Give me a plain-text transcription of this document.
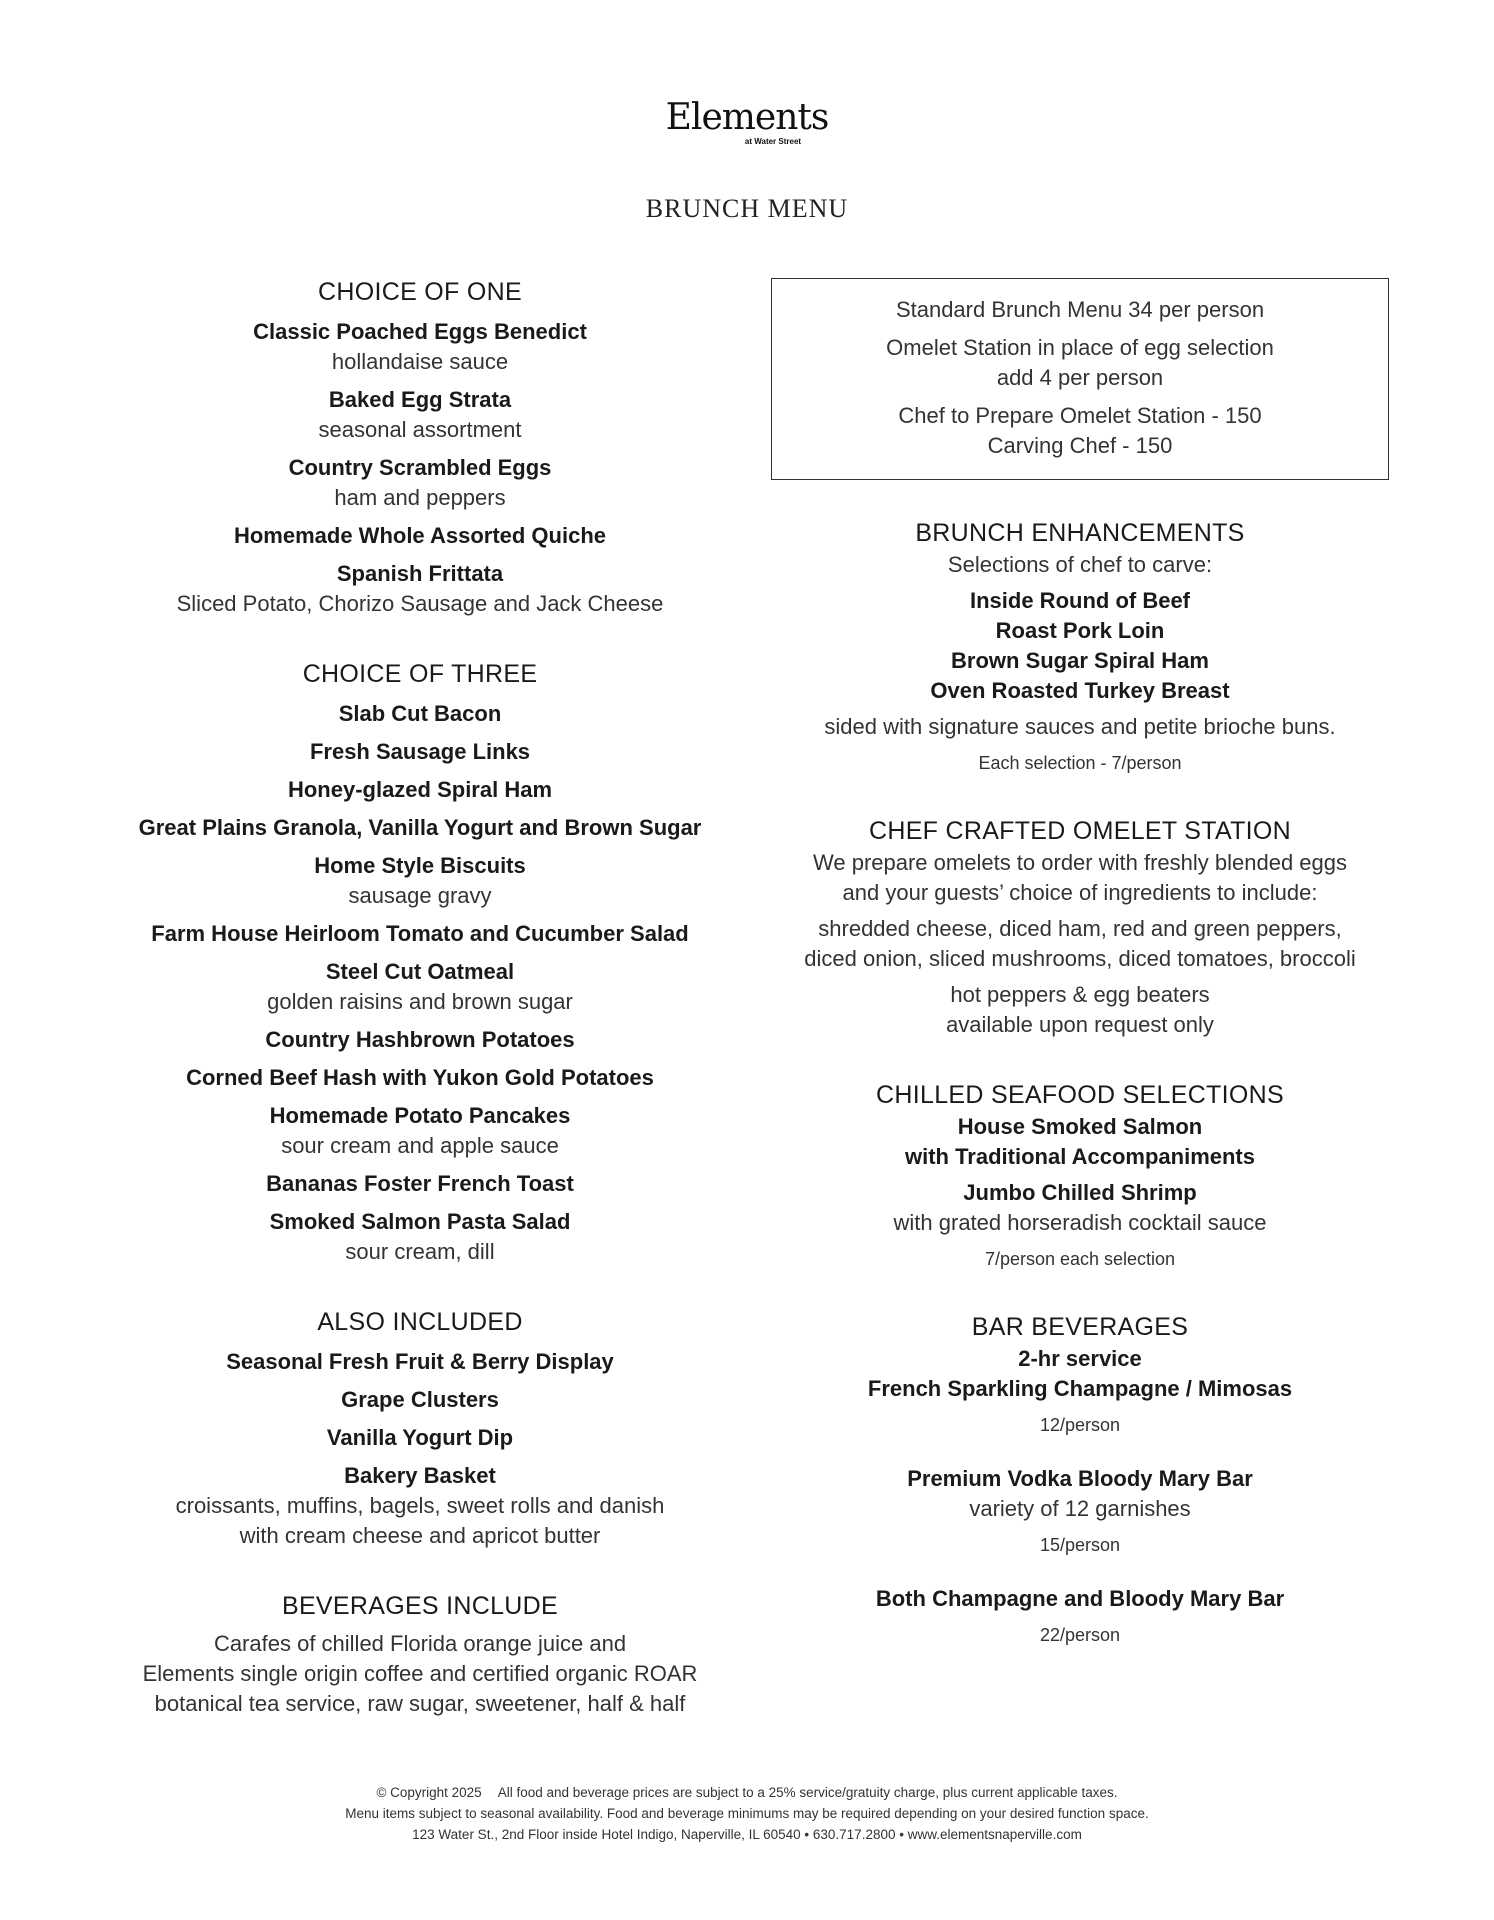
Elements
at Water Street
BRUNCH MENU
CHOICE OF ONE
Classic Poached Eggs Benedict
hollandaise sauce
Baked Egg Strata
seasonal assortment
Country Scrambled Eggs
ham and peppers
Homemade Whole Assorted Quiche
Spanish Frittata
Sliced Potato, Chorizo Sausage and Jack Cheese
CHOICE OF THREE
Slab Cut Bacon
Fresh Sausage Links
Honey-glazed Spiral Ham
Great Plains Granola, Vanilla Yogurt and Brown Sugar
Home Style Biscuits
sausage gravy
Farm House Heirloom Tomato and Cucumber Salad
Steel Cut Oatmeal
golden raisins and brown sugar
Country Hashbrown Potatoes
Corned Beef Hash with Yukon Gold Potatoes
Homemade Potato Pancakes
sour cream and apple sauce
Bananas Foster French Toast
Smoked Salmon Pasta Salad
sour cream, dill
ALSO INCLUDED
Seasonal Fresh Fruit & Berry Display
Grape Clusters
Vanilla Yogurt Dip
Bakery Basket
croissants, muffins, bagels, sweet rolls and danish
with cream cheese and apricot butter
BEVERAGES INCLUDE
Carafes of chilled Florida orange juice and
Elements single origin coffee and certified organic ROAR
botanical tea service, raw sugar, sweetener, half & half
Standard Brunch Menu 34 per person
Omelet Station in place of egg selection
add 4 per person
Chef to Prepare Omelet Station - 150
Carving Chef - 150
BRUNCH ENHANCEMENTS
Selections of chef to carve:
Inside Round of Beef
Roast Pork Loin
Brown Sugar Spiral Ham
Oven Roasted Turkey Breast
sided with signature sauces and petite brioche buns.
Each selection - 7/person
CHEF CRAFTED OMELET STATION
We prepare omelets to order with freshly blended eggs
and your guests’ choice of ingredients to include:
shredded cheese, diced ham, red and green peppers,
diced onion, sliced mushrooms, diced tomatoes, broccoli
hot peppers & egg beaters
available upon request only
CHILLED SEAFOOD SELECTIONS
House Smoked Salmon
with Traditional Accompaniments
Jumbo Chilled Shrimp
with grated horseradish cocktail sauce
7/person each selection
BAR BEVERAGES
2-hr service
French Sparkling Champagne / Mimosas
12/person
Premium Vodka Bloody Mary Bar
variety of 12 garnishes
15/person
Both Champagne and Bloody Mary Bar
22/person
© Copyright 2025 All food and beverage prices are subject to a 25% service/gratuity charge, plus current applicable taxes.
Menu items subject to seasonal availability. Food and beverage minimums may be required depending on your desired function space.
123 Water St., 2nd Floor inside Hotel Indigo, Naperville, IL 60540 • 630.717.2800 • www.elementsnaperville.com
